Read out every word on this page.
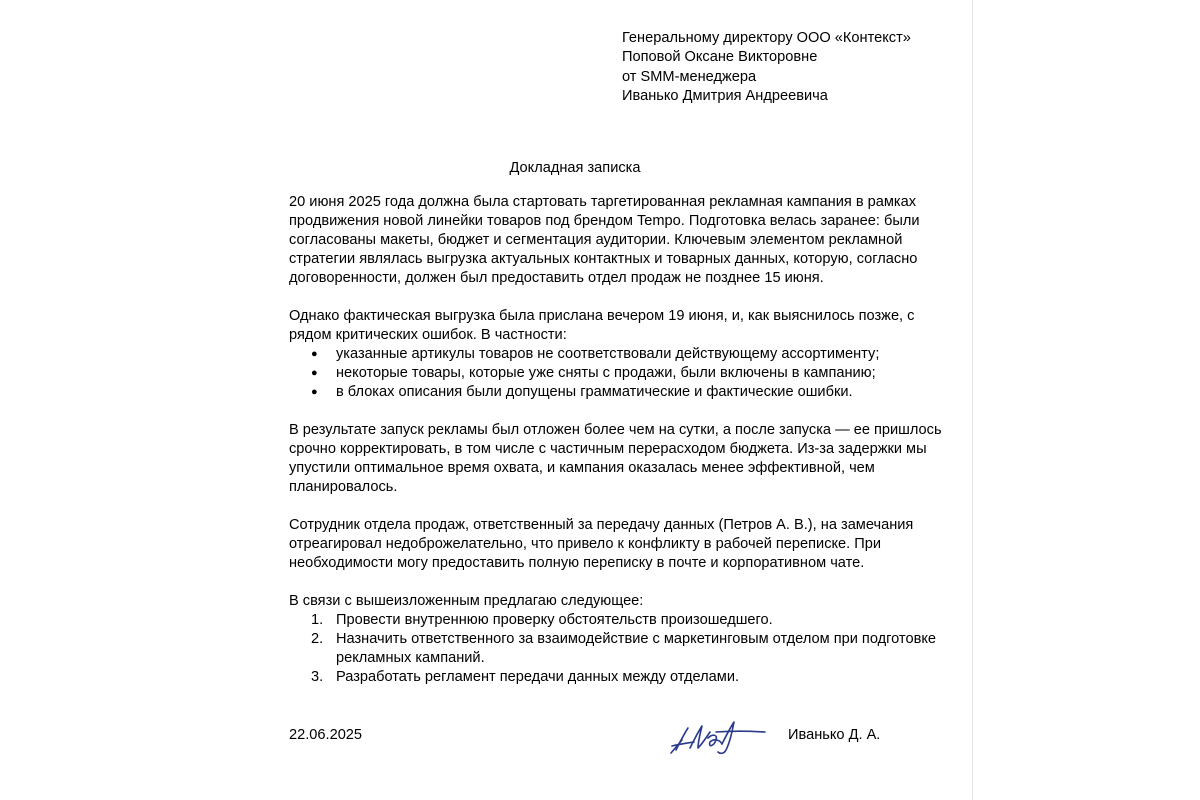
Генеральному директору ООО «Контекст»
Поповой Оксане Викторовне
от SMM-менеджера
Иванько Дмитрия Андреевича
Докладная записка

20 июня 2025 года должна была стартовать таргетированная рекламная кампания в рамках продвижения новой линейки товаров под брендом Tempo. Подготовка велась заранее: были согласованы макеты, бюджет и сегментация аудитории. Ключевым элементом рекламной стратегии являлась выгрузка актуальных контактных и товарных данных, которую, согласно договоренности, должен был предоставить отдел продаж не позднее 15 июня.

Однако фактическая выгрузка была прислана вечером 19 июня, и, как выяснилось позже, с рядом критических ошибок. В частности:

● указанные артикулы товаров не соответствовали действующему ассортименту;
● некоторые товары, которые уже сняты с продажи, были включены в кампанию;
● в блоках описания были допущены грамматические и фактические ошибки.

В результате запуск рекламы был отложен более чем на сутки, а после запуска — ее пришлось срочно корректировать, в том числе с частичным перерасходом бюджета. Из-за задержки мы упустили оптимальное время охвата, и кампания оказалась менее эффективной, чем планировалось.

Сотрудник отдела продаж, ответственный за передачу данных (Петров А. В.), на замечания отреагировал недоброжелательно, что привело к конфликту в рабочей переписке. При необходимости могу предоставить полную переписку в почте и корпоративном чате.

В связи с вышеизложенным предлагаю следующее:

1. Провести внутреннюю проверку обстоятельств произошедшего.
2. Назначить ответственного за взаимодействие с маркетинговым отделом при подготовке рекламных кампаний.
3. Разработать регламент передачи данных между отделами.
22.06.2025	Иванько Д. А.
